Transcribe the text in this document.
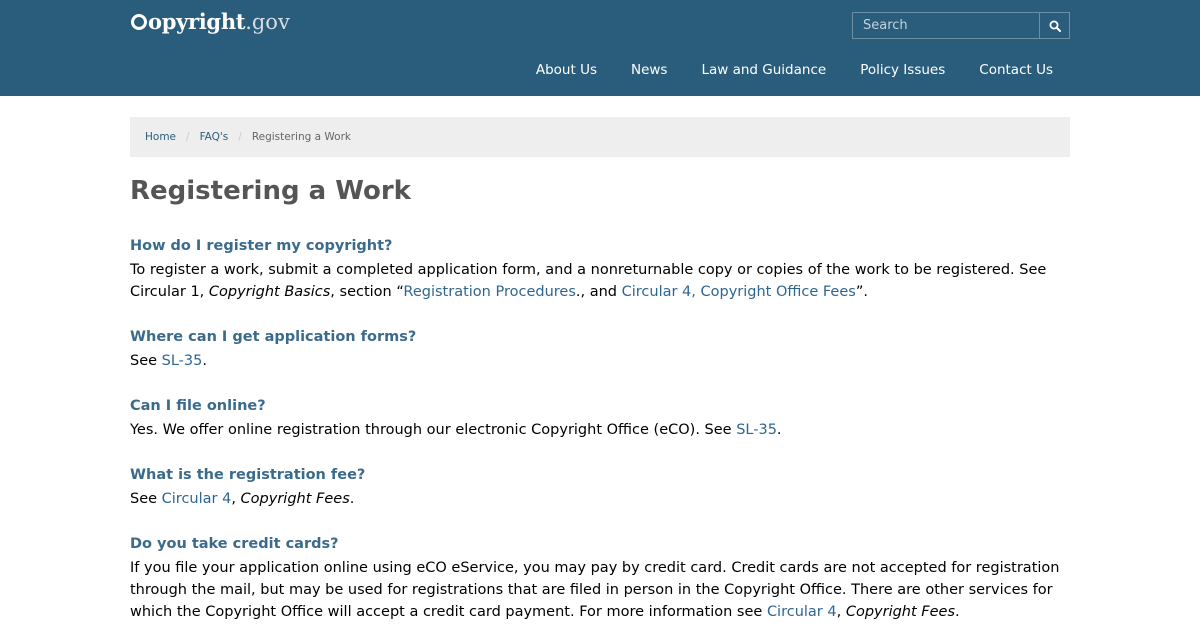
opyright.gov
Search
About Us	News	Law and Guidance	Policy Issues	Contact Us
Home / FAQ's / Registering a Work
Registering a Work
How do I register my copyright?

To register a work, submit a completed application form, and a nonreturnable copy or copies of the work to be registered. See Circular 1, Copyright Basics, section “Registration Procedures., and Circular 4, Copyright Office Fees”.

Where can I get application forms?

See SL-35.

Can I file online?

Yes. We offer online registration through our electronic Copyright Office (eCO). See SL-35.

What is the registration fee?

See Circular 4, Copyright Fees.

Do you take credit cards?

If you file your application online using eCO eService, you may pay by credit card. Credit cards are not accepted for registration through the mail, but may be used for registrations that are filed in person in the Copyright Office. There are other services for which the Copyright Office will accept a credit card payment. For more information see Circular 4, Copyright Fees.
